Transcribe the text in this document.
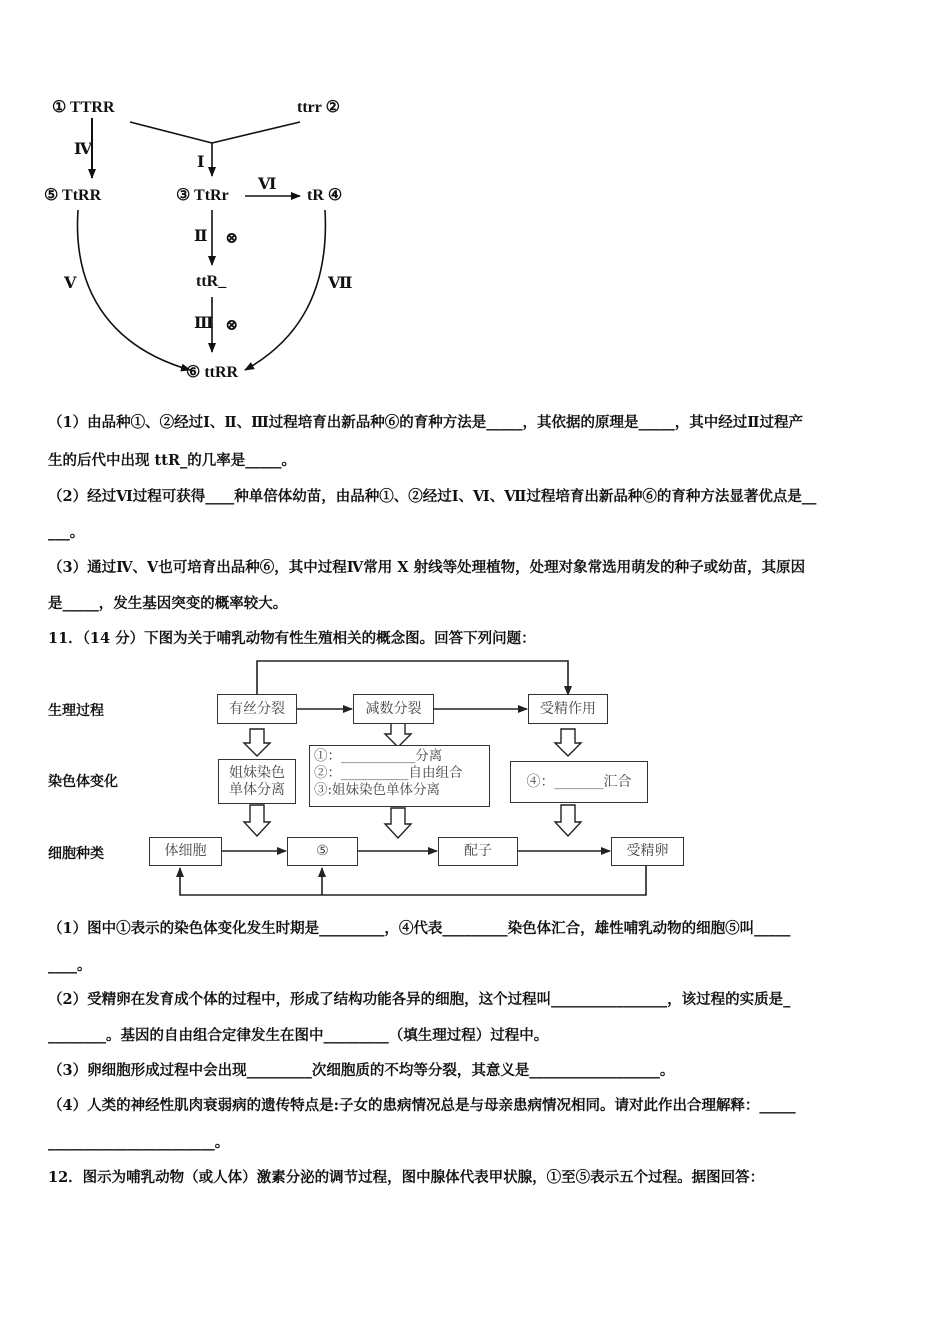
① TTRR	ttrr ②
⑤ TtRR	③ TtRr	tR ④
ttR_
⑥ ttRR
Ⅳ
Ⅰ
Ⅵ
Ⅱ ⊗
Ⅴ	Ⅶ
Ⅲ ⊗
（1）由品种①、②经过Ⅰ、Ⅱ、Ⅲ过程培育出新品种⑥的育种方法是_____，其依据的原理是_____，其中经过Ⅱ过程产
生的后代中出现 ttR_的几率是_____。
（2）经过Ⅵ过程可获得____种单倍体幼苗，由品种①、②经过Ⅰ、Ⅵ、Ⅶ过程培育出新品种⑥的育种方法显著优点是__
___。
（3）通过Ⅳ、Ⅴ也可培育出品种⑥，其中过程Ⅳ常用 X 射线等处理植物，处理对象常选用萌发的种子或幼苗，其原因
是_____，发生基因突变的概率较大。
11．（14 分）下图为关于哺乳动物有性生殖相关的概念图。回答下列问题：
生理过程
染色体变化
细胞种类
有丝分裂	减数分裂	受精作用
姐妹染色
单体分离
①：___________分离
②：__________自由组合
③:姐妹染色单体分离
④：_______汇合
体细胞	⑤	配子	受精卵
（1）图中①表示的染色体变化发生时期是_________，④代表_________染色体汇合，雄性哺乳动物的细胞⑤叫_____
____。
（2）受精卵在发育成个体的过程中，形成了结构功能各异的细胞，这个过程叫________________，该过程的实质是_
________。基因的自由组合定律发生在图中_________（填生理过程）过程中。
（3）卵细胞形成过程中会出现_________次细胞质的不均等分裂，其意义是__________________。
（4）人类的神经性肌肉衰弱病的遗传特点是:子女的患病情况总是与母亲患病情况相同。请对此作出合理解释：_____
_______________________。
12．图示为哺乳动物（或人体）激素分泌的调节过程，图中腺体代表甲状腺，①至⑤表示五个过程。据图回答：
